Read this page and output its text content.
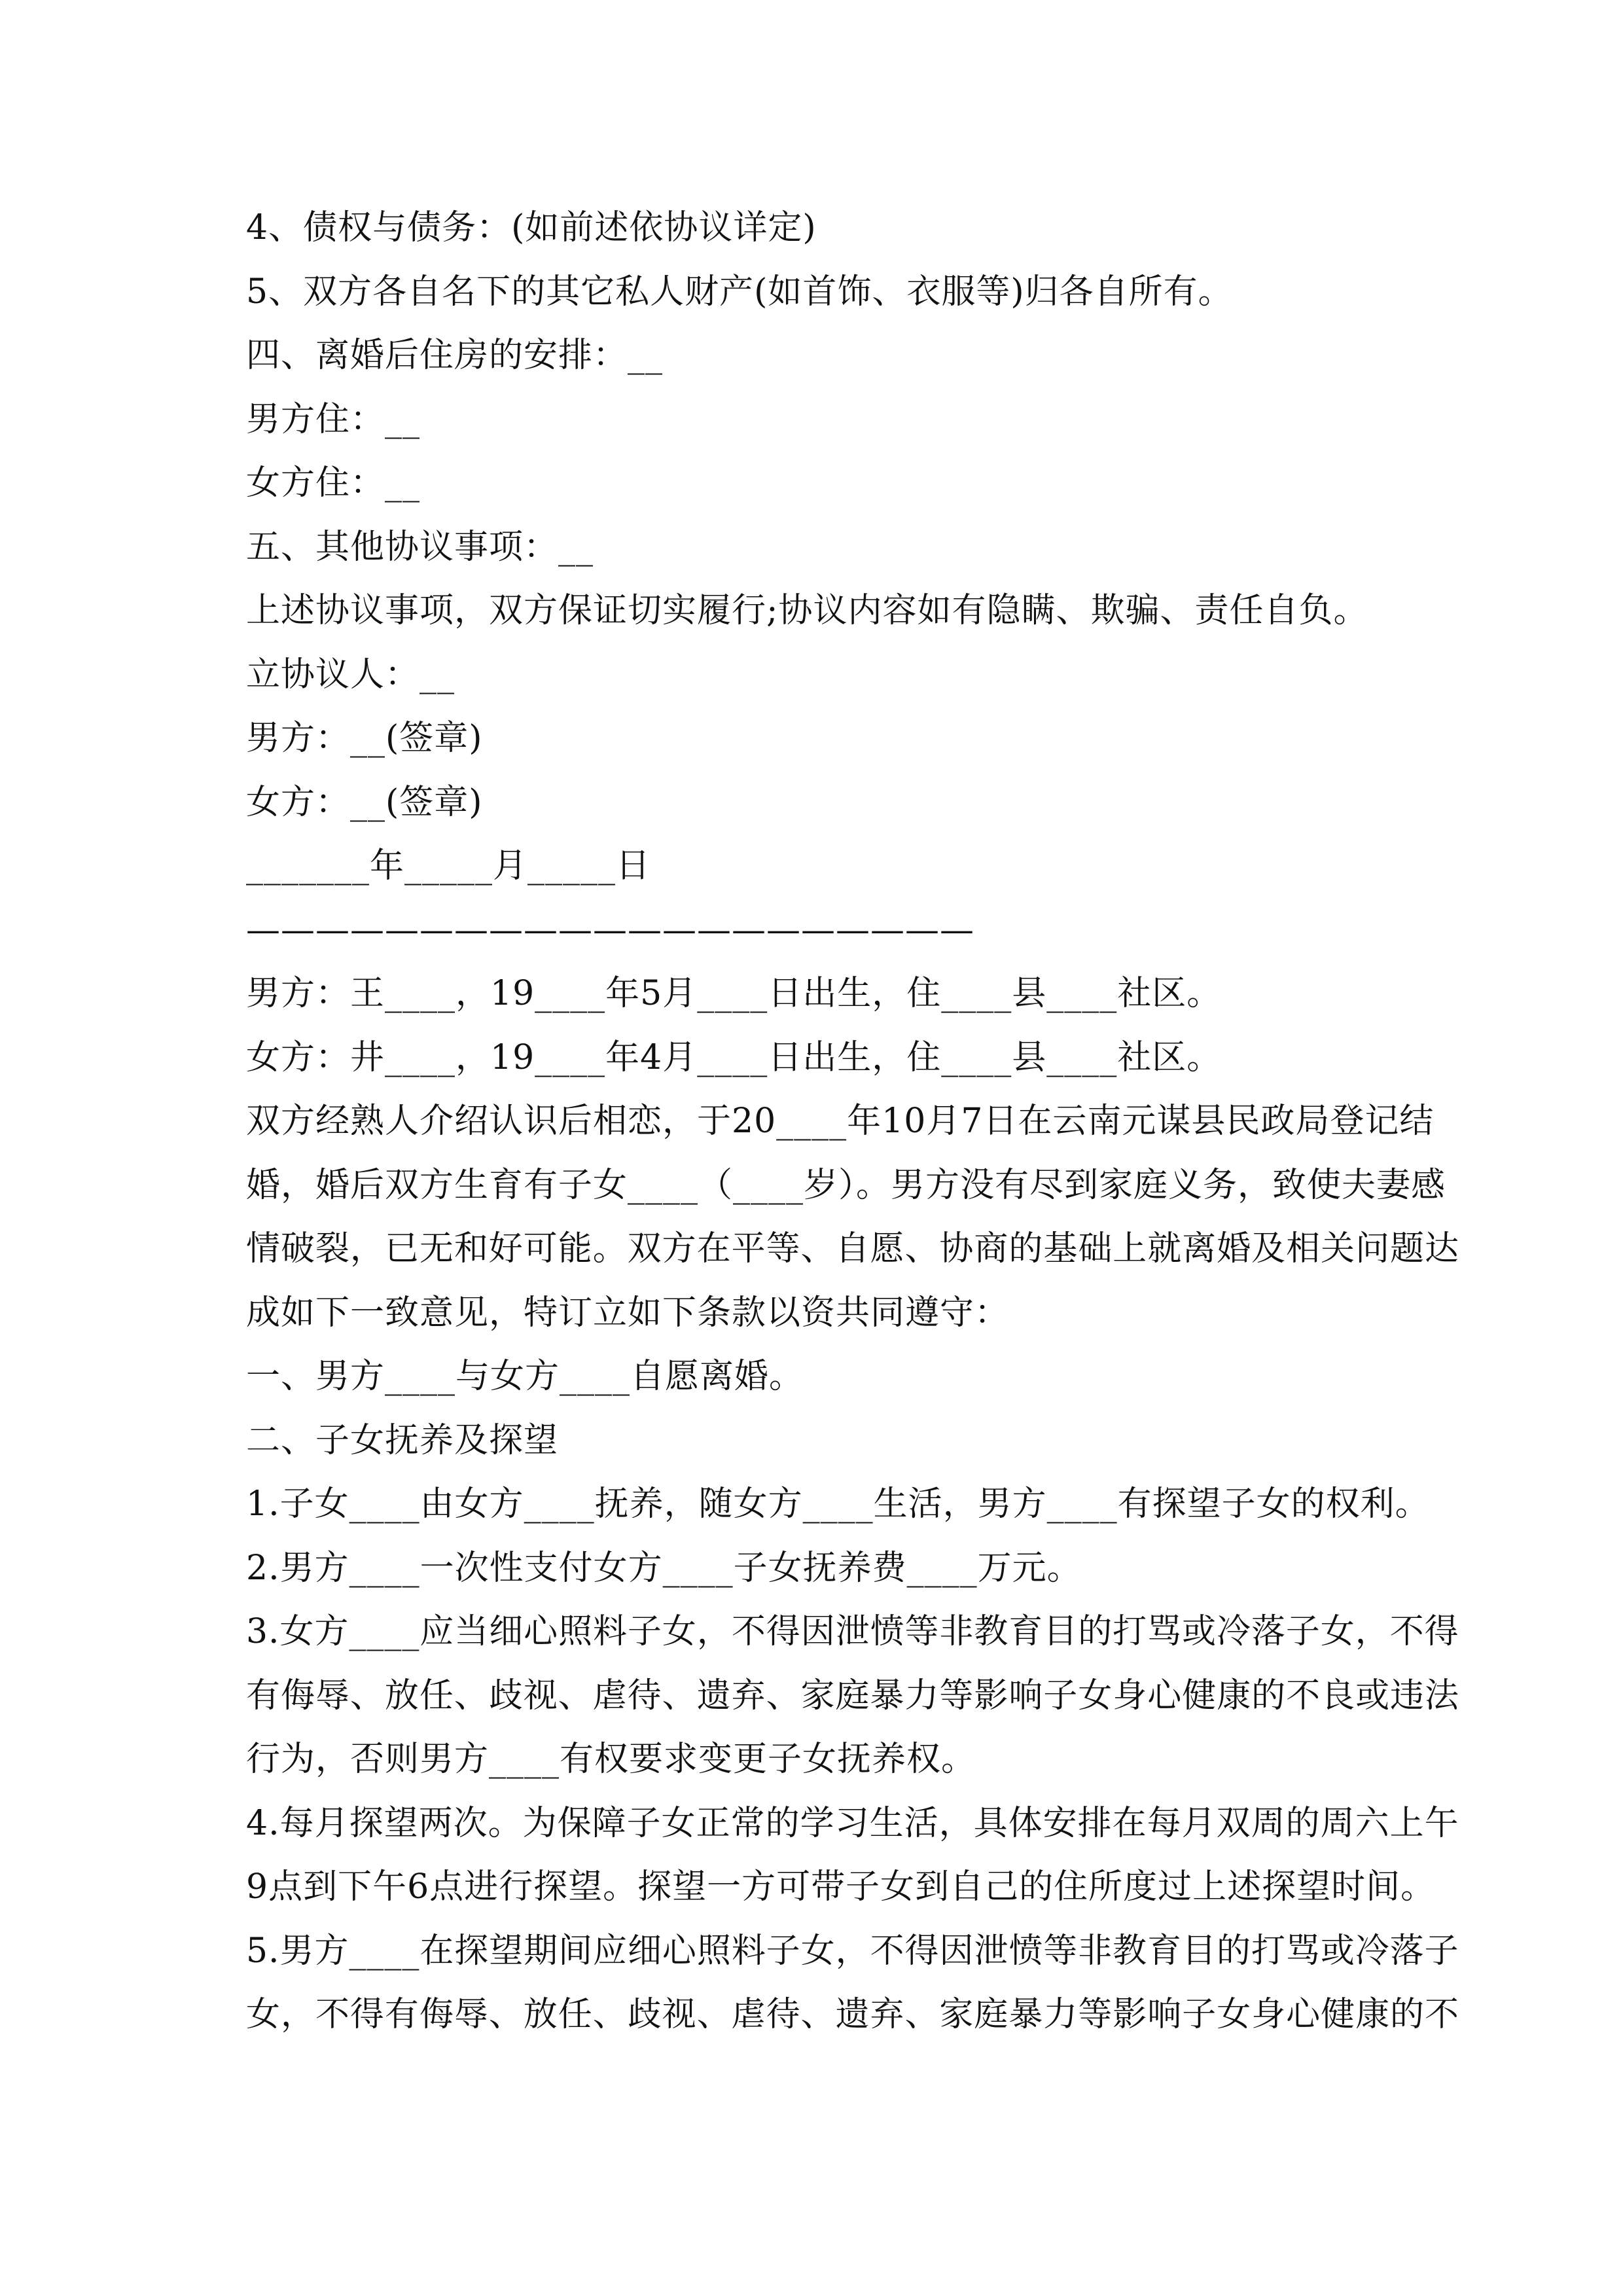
4、债权与债务：(如前述依协议详定)
5、双方各自名下的其它私人财产(如首饰、衣服等)归各自所有。
四、离婚后住房的安排：__
男方住：__
女方住：__
五、其他协议事项：__
上述协议事项，双方保证切实履行;协议内容如有隐瞒、欺骗、责任自负。
立协议人：__
男方：__(签章)
女方：__(签章)
_______年_____月_____日
—————————————————————
男方：王____，19____年5月____日出生，住____县____社区。
女方：井____，19____年4月____日出生，住____县____社区。
双方经熟人介绍认识后相恋，于20____年10月7日在云南元谋县民政局登记结
婚，婚后双方生育有子女____（____岁）。男方没有尽到家庭义务，致使夫妻感
情破裂，已无和好可能。双方在平等、自愿、协商的基础上就离婚及相关问题达
成如下一致意见，特订立如下条款以资共同遵守：
一、男方____与女方____自愿离婚。
二、子女抚养及探望
1.子女____由女方____抚养，随女方____生活，男方____有探望子女的权利。
2.男方____一次性支付女方____子女抚养费____万元。
3.女方____应当细心照料子女，不得因泄愤等非教育目的打骂或冷落子女，不得
有侮辱、放任、歧视、虐待、遗弃、家庭暴力等影响子女身心健康的不良或违法
行为，否则男方____有权要求变更子女抚养权。
4.每月探望两次。为保障子女正常的学习生活，具体安排在每月双周的周六上午
9点到下午6点进行探望。探望一方可带子女到自己的住所度过上述探望时间。
5.男方____在探望期间应细心照料子女，不得因泄愤等非教育目的打骂或冷落子
女，不得有侮辱、放任、歧视、虐待、遗弃、家庭暴力等影响子女身心健康的不
